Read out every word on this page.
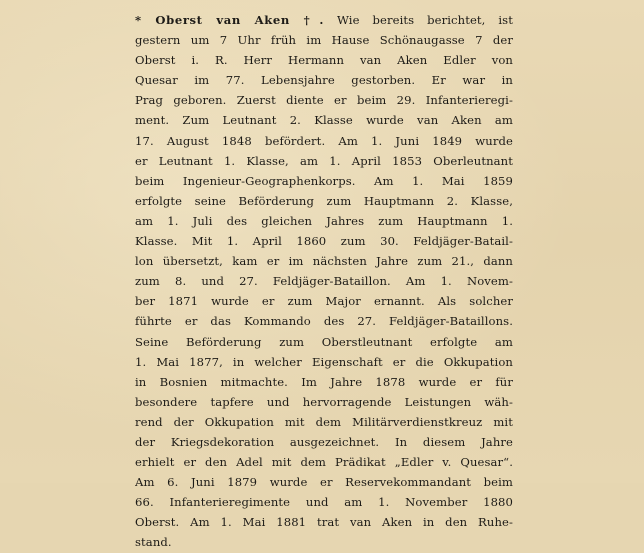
* Oberst van Aken †. Wie bereits berichtet, ist
gestern um 7 Uhr früh im Hause Schönaugasse 7 der
Oberst i. R. Herr Hermann van Aken Edler von
Quesar im 77. Lebensjahre gestorben. Er war in
Prag geboren. Zuerst diente er beim 29. Infanterieregi-
ment. Zum Leutnant 2. Klasse wurde van Aken am
17. August 1848 befördert. Am 1. Juni 1849 wurde
er Leutnant 1. Klasse, am 1. April 1853 Oberleutnant
beim Ingenieur-Geographenkorps. Am 1. Mai 1859
erfolgte seine Beförderung zum Hauptmann 2. Klasse,
am 1. Juli des gleichen Jahres zum Hauptmann 1.
Klasse. Mit 1. April 1860 zum 30. Feldjäger-Batail-
lon übersetzt, kam er im nächsten Jahre zum 21., dann
zum 8. und 27. Feldjäger-Bataillon. Am 1. Novem-
ber 1871 wurde er zum Major ernannt. Als solcher
führte er das Kommando des 27. Feldjäger-Bataillons.
Seine Beförderung zum Oberstleutnant erfolgte am
1. Mai 1877, in welcher Eigenschaft er die Okkupation
in Bosnien mitmachte. Im Jahre 1878 wurde er für
besondere tapfere und hervorragende Leistungen wäh-
rend der Okkupation mit dem Militärverdienstkreuz mit
der Kriegsdekoration ausgezeichnet. In diesem Jahre
erhielt er den Adel mit dem Prädikat „Edler v. Quesar“.
Am 6. Juni 1879 wurde er Reservekommandant beim
66. Infanterieregimente und am 1. November 1880
Oberst. Am 1. Mai 1881 trat van Aken in den Ruhe-
stand.
